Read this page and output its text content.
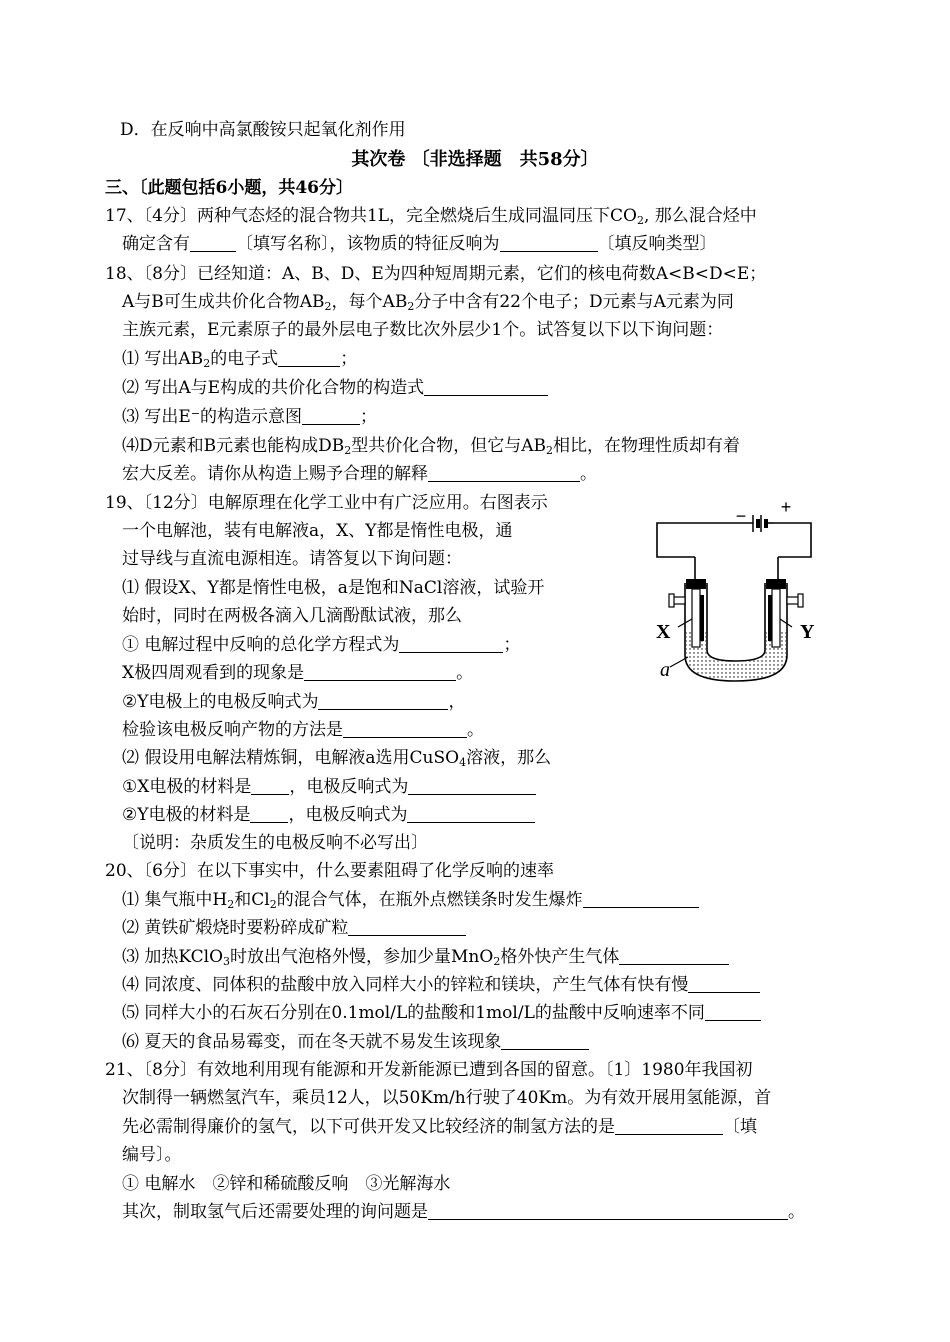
D．在反响中高氯酸铵只起氧化剂作用
其次卷 〔非选择题　共58分〕
三、〔此题包括6小题，共46分〕
17、〔4分〕两种气态烃的混合物共1L，完全燃烧后生成同温同压下$CO_2$, 那么混合烃中
确定含有	〔填写名称〕，该物质的特征反响为	〔填反响类型〕
18、〔8分〕已经知道：A、B、D、E为四种短周期元素，它们的核电荷数A<B<D<E；
A与B可生成共价化合物$AB_2$，每个$AB_2$分子中含有22个电子；D元素与A元素为同
主族元素，E元素原子的最外层电子数比次外层少1个。试答复以下以下询问题：
⑴ 写出$AB_2$的电子式	；
⑵ 写出A与E构成的共价化合物的构造式
⑶ 写出E−的构造示意图	；
⑷D元素和B元素也能构成$DB_2$型共价化合物，但它与$AB_2$相比，在物理性质却有着
宏大反差。请你从构造上赐予合理的解释	。
19、〔12分〕电解原理在化学工业中有广泛应用。右图表示
一个电解池，装有电解液a，X、Y都是惰性电极，通
过导线与直流电源相连。请答复以下询问题：
⑴ 假设X、Y都是惰性电极，a是饱和NaCl溶液，试验开
始时，同时在两极各滴入几滴酚酞试液，那么
① 电解过程中反响的总化学方程式为	；
X极四周观看到的现象是	。
②Y电极上的电极反响式为	，
检验该电极反响产物的方法是	。
⑵ 假设用电解法精炼铜，电解液a选用CuSO$_4$溶液，那么
①X电极的材料是 ，电极反响式为
②Y电极的材料是 ，电极反响式为
〔说明：杂质发生的电极反响不必写出〕
− +
X	Y
a
20、〔6分〕在以下事实中，什么要素阻碍了化学反响的速率
⑴ 集气瓶中$H_2$和$Cl_2$的混合气体，在瓶外点燃镁条时发生爆炸
⑵ 黄铁矿煅烧时要粉碎成矿粒
⑶ 加热KClO$_3$时放出气泡格外慢，参加少量MnO$_2$格外快产生气体
⑷ 同浓度、同体积的盐酸中放入同样大小的锌粒和镁块，产生气体有快有慢
⑸ 同样大小的石灰石分别在0.1mol/L的盐酸和1mol/L的盐酸中反响速率不同
⑹ 夏天的食品易霉变，而在冬天就不易发生该现象
21、〔8分〕有效地利用现有能源和开发新能源已遭到各国的留意。〔1〕1980年我国初
次制得一辆燃氢汽车，乘员12人，以50Km/h行驶了40Km。为有效开展用氢能源，首
先必需制得廉价的氢气，以下可供开发又比较经济的制氢方法的是	〔填
编号〕。
① 电解水　②锌和稀硫酸反响　③光解海水
其次，制取氢气后还需要处理的询问题是	。
